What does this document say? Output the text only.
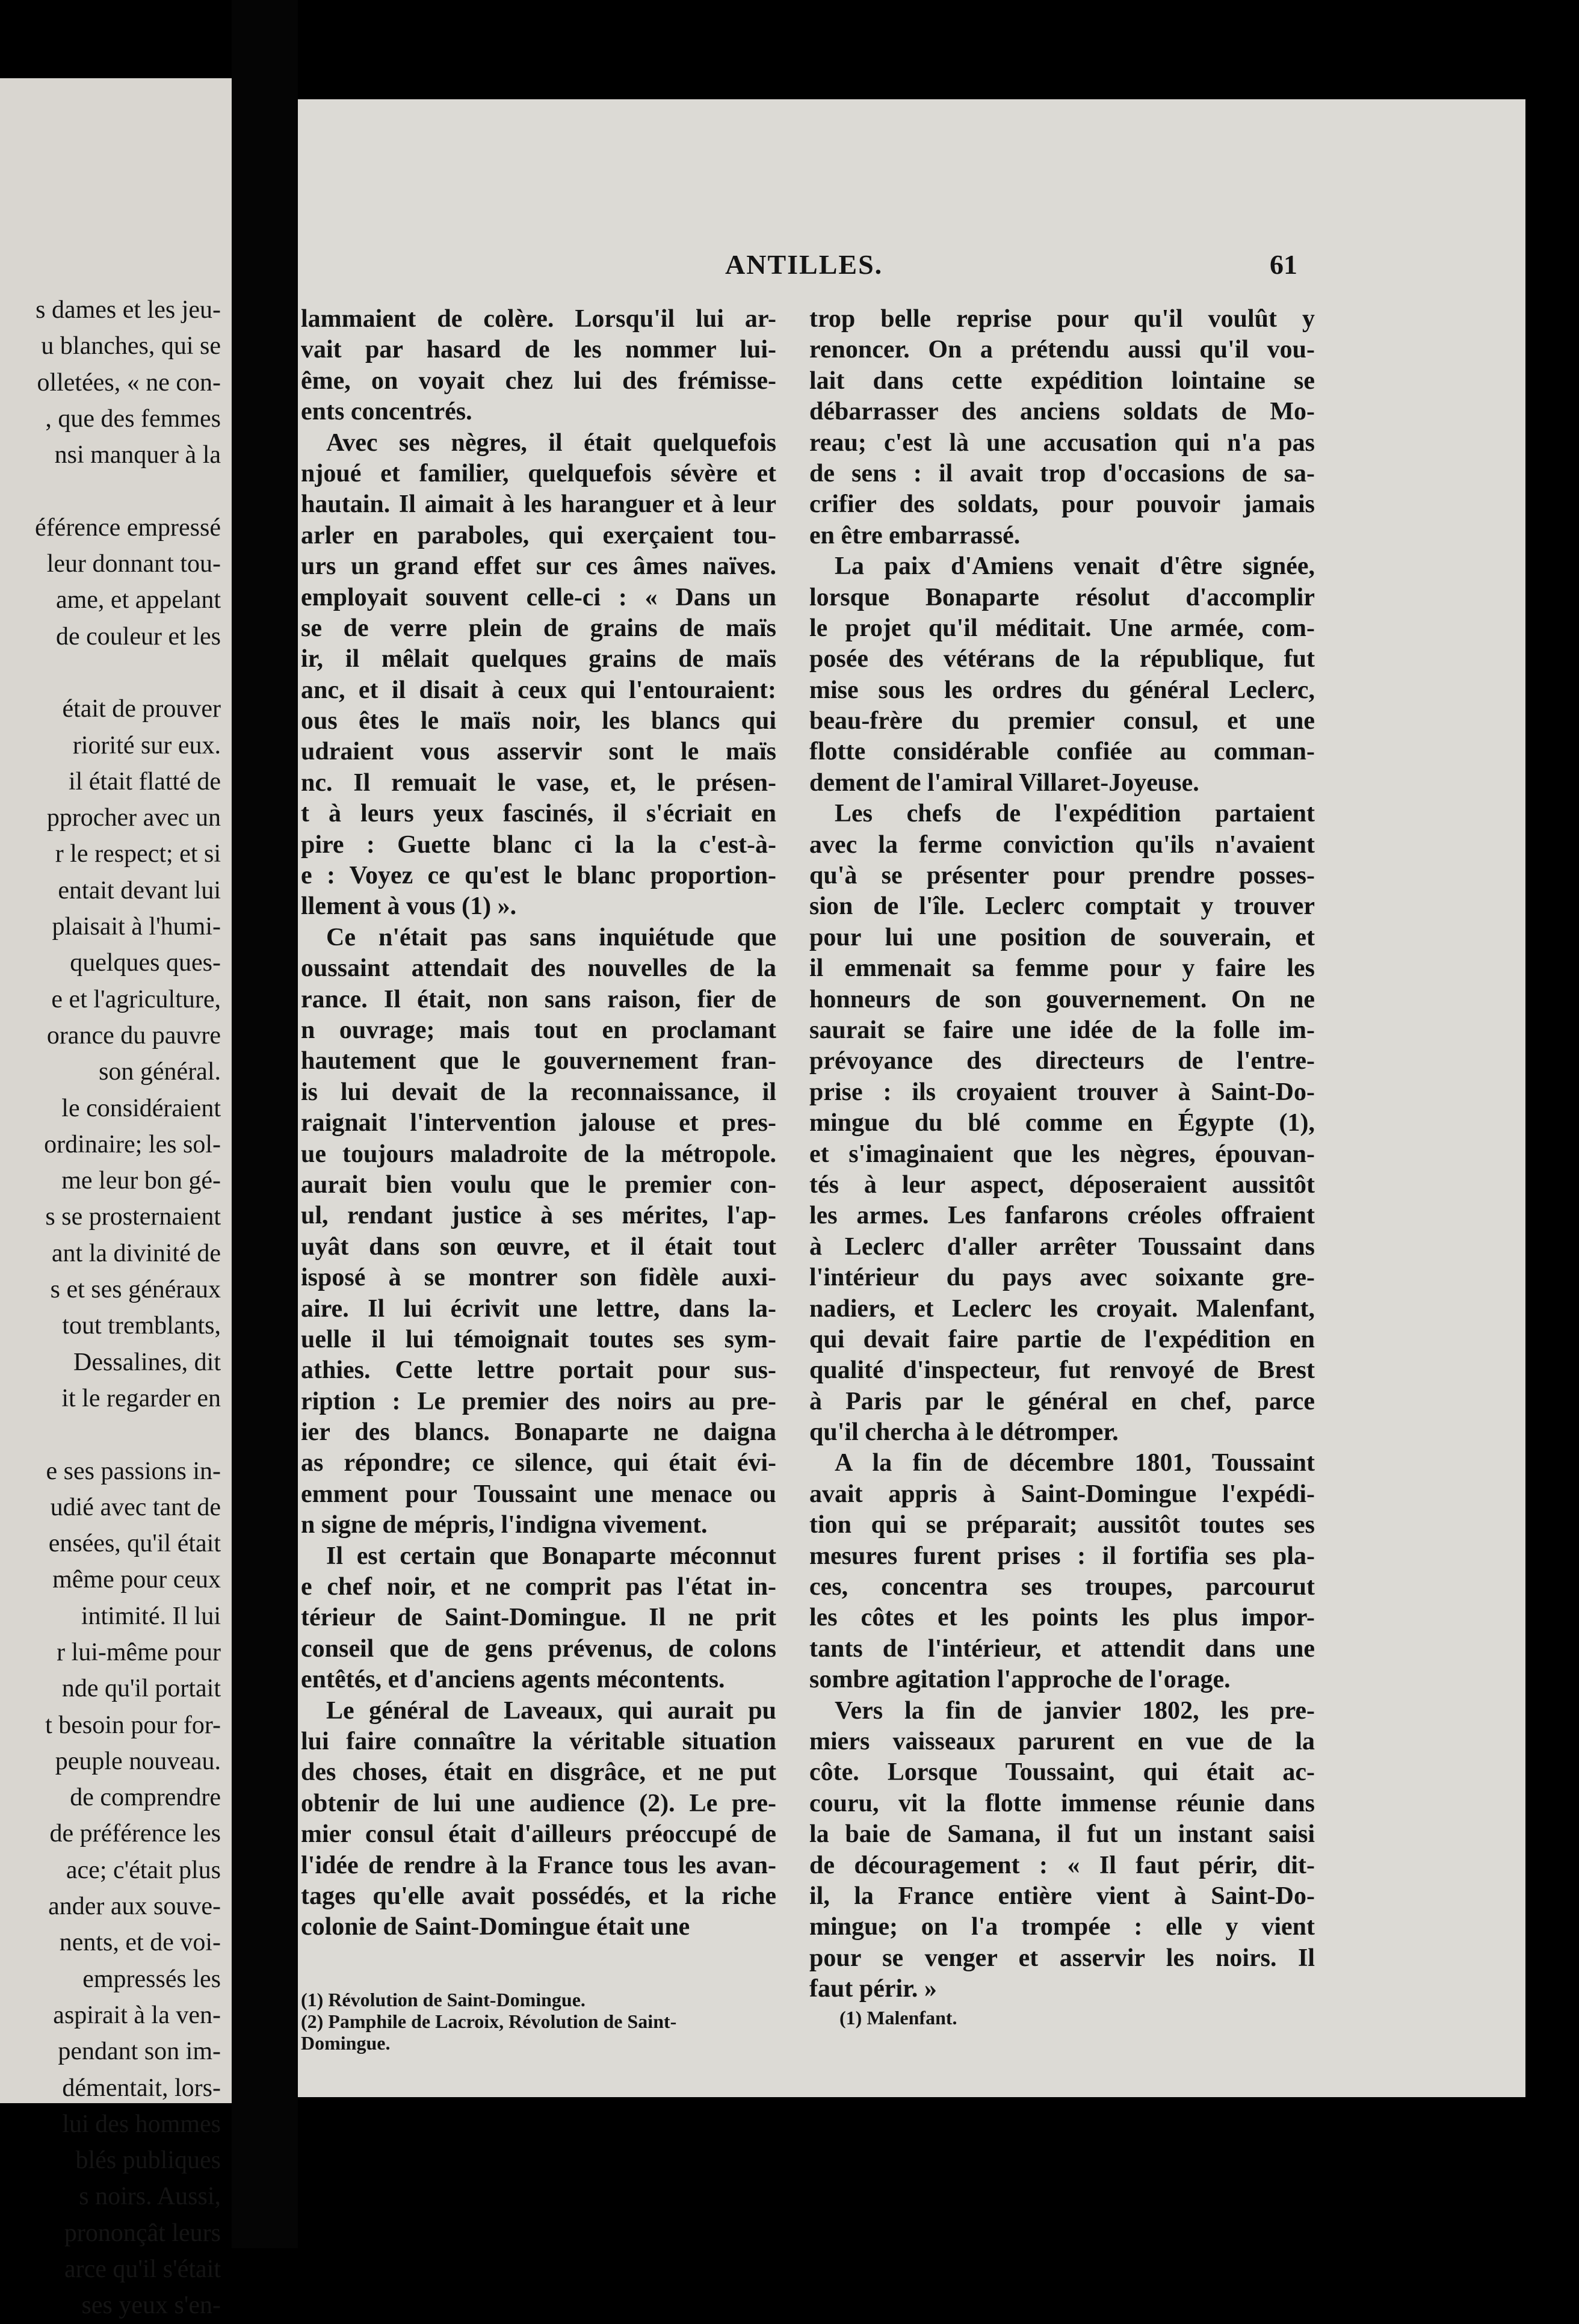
s dames et les jeu-
u blanches, qui se
olletées, « ne con-
, que des femmes
nsi manquer à la
éférence empressé
leur donnant tou-
ame, et appelant
de couleur et les
était de prouver
riorité sur eux.
il était flatté de
pprocher avec un
r le respect; et si
entait devant lui
plaisait à l'humi-
quelques ques-
e et l'agriculture,
orance du pauvre
son général.
le considéraient
ordinaire; les sol-
me leur bon gé-
s se prosternaient
ant la divinité de
s et ses généraux
tout tremblants,
Dessalines, dit
it le regarder en
e ses passions in-
udié avec tant de
ensées, qu'il était
même pour ceux
intimité. Il lui
r lui-même pour
nde qu'il portait
t besoin pour for-
peuple nouveau.
de comprendre
de préférence les
ace; c'était plus
ander aux souve-
nents, et de voi-
empressés les
aspirait à la ven-
pendant son im-
démentait, lors-
lui des hommes
blés publiques
s noirs. Aussi,
prononçât leurs
arce qu'il s'était
ses yeux s'en-
ANTILLES.	61
lammaient de colère. Lorsqu'il lui ar-
vait par hasard de les nommer lui-
ême, on voyait chez lui des frémisse-
ents concentrés.
Avec ses nègres, il était quelquefois
njoué et familier, quelquefois sévère et
hautain. Il aimait à les haranguer et à leur
arler en paraboles, qui exerçaient tou-
urs un grand effet sur ces âmes naïves.
employait souvent celle-ci : « Dans un
se de verre plein de grains de maïs
ir, il mêlait quelques grains de maïs
anc, et il disait à ceux qui l'entouraient:
ous êtes le maïs noir, les blancs qui
udraient vous asservir sont le maïs
nc. Il remuait le vase, et, le présen-
t à leurs yeux fascinés, il s'écriait en
pire : Guette blanc ci la la c'est-à-
e : Voyez ce qu'est le blanc proportion-
llement à vous (1) ».
Ce n'était pas sans inquiétude que
oussaint attendait des nouvelles de la
rance. Il était, non sans raison, fier de
n ouvrage; mais tout en proclamant
hautement que le gouvernement fran-
is lui devait de la reconnaissance, il
raignait l'intervention jalouse et pres-
ue toujours maladroite de la métropole.
aurait bien voulu que le premier con-
ul, rendant justice à ses mérites, l'ap-
uyât dans son œuvre, et il était tout
isposé à se montrer son fidèle auxi-
aire. Il lui écrivit une lettre, dans la-
uelle il lui témoignait toutes ses sym-
athies. Cette lettre portait pour sus-
ription : Le premier des noirs au pre-
ier des blancs. Bonaparte ne daigna
as répondre; ce silence, qui était évi-
emment pour Toussaint une menace ou
n signe de mépris, l'indigna vivement.
Il est certain que Bonaparte méconnut
e chef noir, et ne comprit pas l'état in-
térieur de Saint-Domingue. Il ne prit
conseil que de gens prévenus, de colons
entêtés, et d'anciens agents mécontents.
Le général de Laveaux, qui aurait pu
lui faire connaître la véritable situation
des choses, était en disgrâce, et ne put
obtenir de lui une audience (2). Le pre-
mier consul était d'ailleurs préoccupé de
l'idée de rendre à la France tous les avan-
tages qu'elle avait possédés, et la riche
colonie de Saint-Domingue était une
trop belle reprise pour qu'il voulût y
renoncer. On a prétendu aussi qu'il vou-
lait dans cette expédition lointaine se
débarrasser des anciens soldats de Mo-
reau; c'est là une accusation qui n'a pas
de sens : il avait trop d'occasions de sa-
crifier des soldats, pour pouvoir jamais
en être embarrassé.
La paix d'Amiens venait d'être signée,
lorsque Bonaparte résolut d'accomplir
le projet qu'il méditait. Une armée, com-
posée des vétérans de la république, fut
mise sous les ordres du général Leclerc,
beau-frère du premier consul, et une
flotte considérable confiée au comman-
dement de l'amiral Villaret-Joyeuse.
Les chefs de l'expédition partaient
avec la ferme conviction qu'ils n'avaient
qu'à se présenter pour prendre posses-
sion de l'île. Leclerc comptait y trouver
pour lui une position de souverain, et
il emmenait sa femme pour y faire les
honneurs de son gouvernement. On ne
saurait se faire une idée de la folle im-
prévoyance des directeurs de l'entre-
prise : ils croyaient trouver à Saint-Do-
mingue du blé comme en Égypte (1),
et s'imaginaient que les nègres, épouvan-
tés à leur aspect, déposeraient aussitôt
les armes. Les fanfarons créoles offraient
à Leclerc d'aller arrêter Toussaint dans
l'intérieur du pays avec soixante gre-
nadiers, et Leclerc les croyait. Malenfant,
qui devait faire partie de l'expédition en
qualité d'inspecteur, fut renvoyé de Brest
à Paris par le général en chef, parce
qu'il chercha à le détromper.
A la fin de décembre 1801, Toussaint
avait appris à Saint-Domingue l'expédi-
tion qui se préparait; aussitôt toutes ses
mesures furent prises : il fortifia ses pla-
ces, concentra ses troupes, parcourut
les côtes et les points les plus impor-
tants de l'intérieur, et attendit dans une
sombre agitation l'approche de l'orage.
Vers la fin de janvier 1802, les pre-
miers vaisseaux parurent en vue de la
côte. Lorsque Toussaint, qui était ac-
couru, vit la flotte immense réunie dans
la baie de Samana, il fut un instant saisi
de découragement : « Il faut périr, dit-
il, la France entière vient à Saint-Do-
mingue; on l'a trompée : elle y vient
pour se venger et asservir les noirs. Il
faut périr. »
(1) Révolution de Saint-Domingue.
(2) Pamphile de Lacroix, Révolution de Saint-
Domingue.
(1) Malenfant.
